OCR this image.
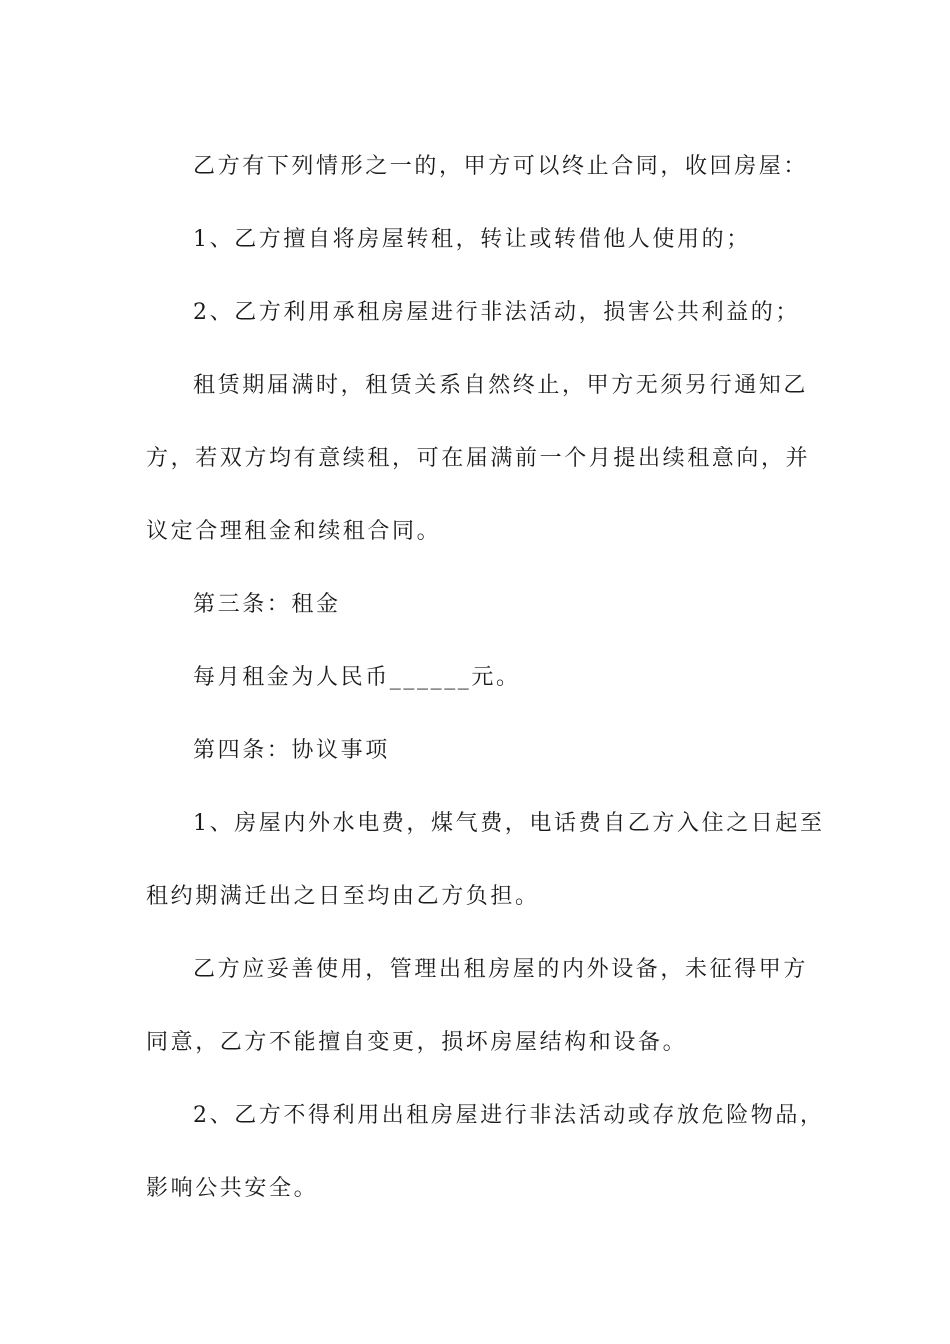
乙方有下列情形之一的，甲方可以终止合同，收回房屋：
1、乙方擅自将房屋转租，转让或转借他人使用的；
2、乙方利用承租房屋进行非法活动，损害公共利益的；
租赁期届满时，租赁关系自然终止，甲方无须另行通知乙
方，若双方均有意续租，可在届满前一个月提出续租意向，并
议定合理租金和续租合同。
第三条：租金
每月租金为人民币______元。
第四条：协议事项
1、房屋内外水电费，煤气费，电话费自乙方入住之日起至
租约期满迁出之日至均由乙方负担。
乙方应妥善使用，管理出租房屋的内外设备，未征得甲方
同意，乙方不能擅自变更，损坏房屋结构和设备。
2、乙方不得利用出租房屋进行非法活动或存放危险物品，
影响公共安全。
